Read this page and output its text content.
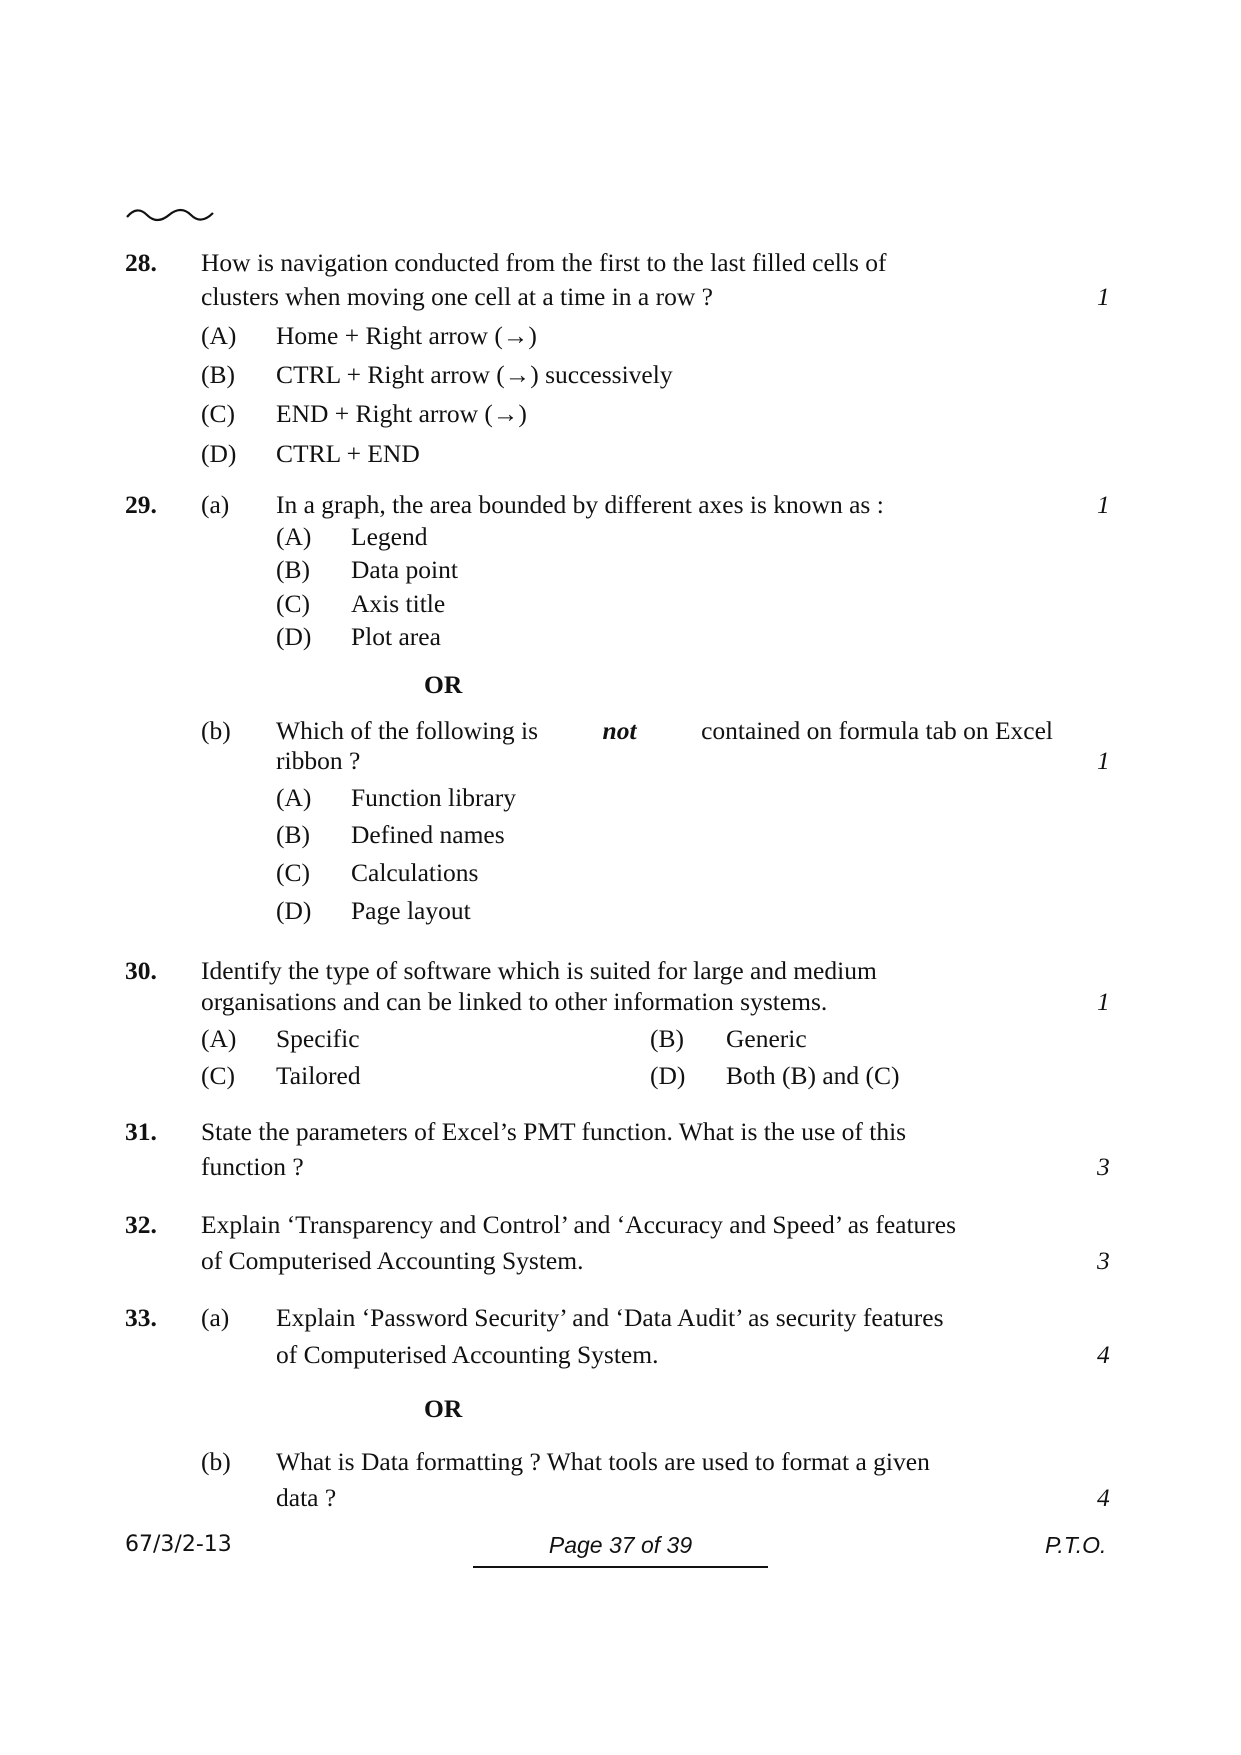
28. How is navigation conducted from the first to the last filled cells of
clusters when moving one cell at a time in a row ?	1
(A) Home + Right arrow (→)
(B) CTRL + Right arrow (→) successively
(C) END + Right arrow (→)
(D) CTRL + END
29. (a) In a graph, the area bounded by different axes is known as :	1
(A) Legend
(B) Data point
(C) Axis title
(D) Plot area
OR
(b) Which of the following is	not	contained on formula tab on Excel
ribbon ?	1
(A) Function library
(B) Defined names
(C) Calculations
(D) Page layout
30. Identify the type of software which is suited for large and medium
organisations and can be linked to other information systems.	1
(A) Specific	(B) Generic
(C) Tailored	(D) Both (B) and (C)
31. State the parameters of Excel’s PMT function. What is the use of this
function ?	3
32. Explain ‘Transparency and Control’ and ‘Accuracy and Speed’ as features
of Computerised Accounting System.	3
33. (a) Explain ‘Password Security’ and ‘Data Audit’ as security features
of Computerised Accounting System.	4
OR
(b) What is Data formatting ? What tools are used to format a given
data ?	4
67/3/2-13	Page 37 of 39	P.T.O.
